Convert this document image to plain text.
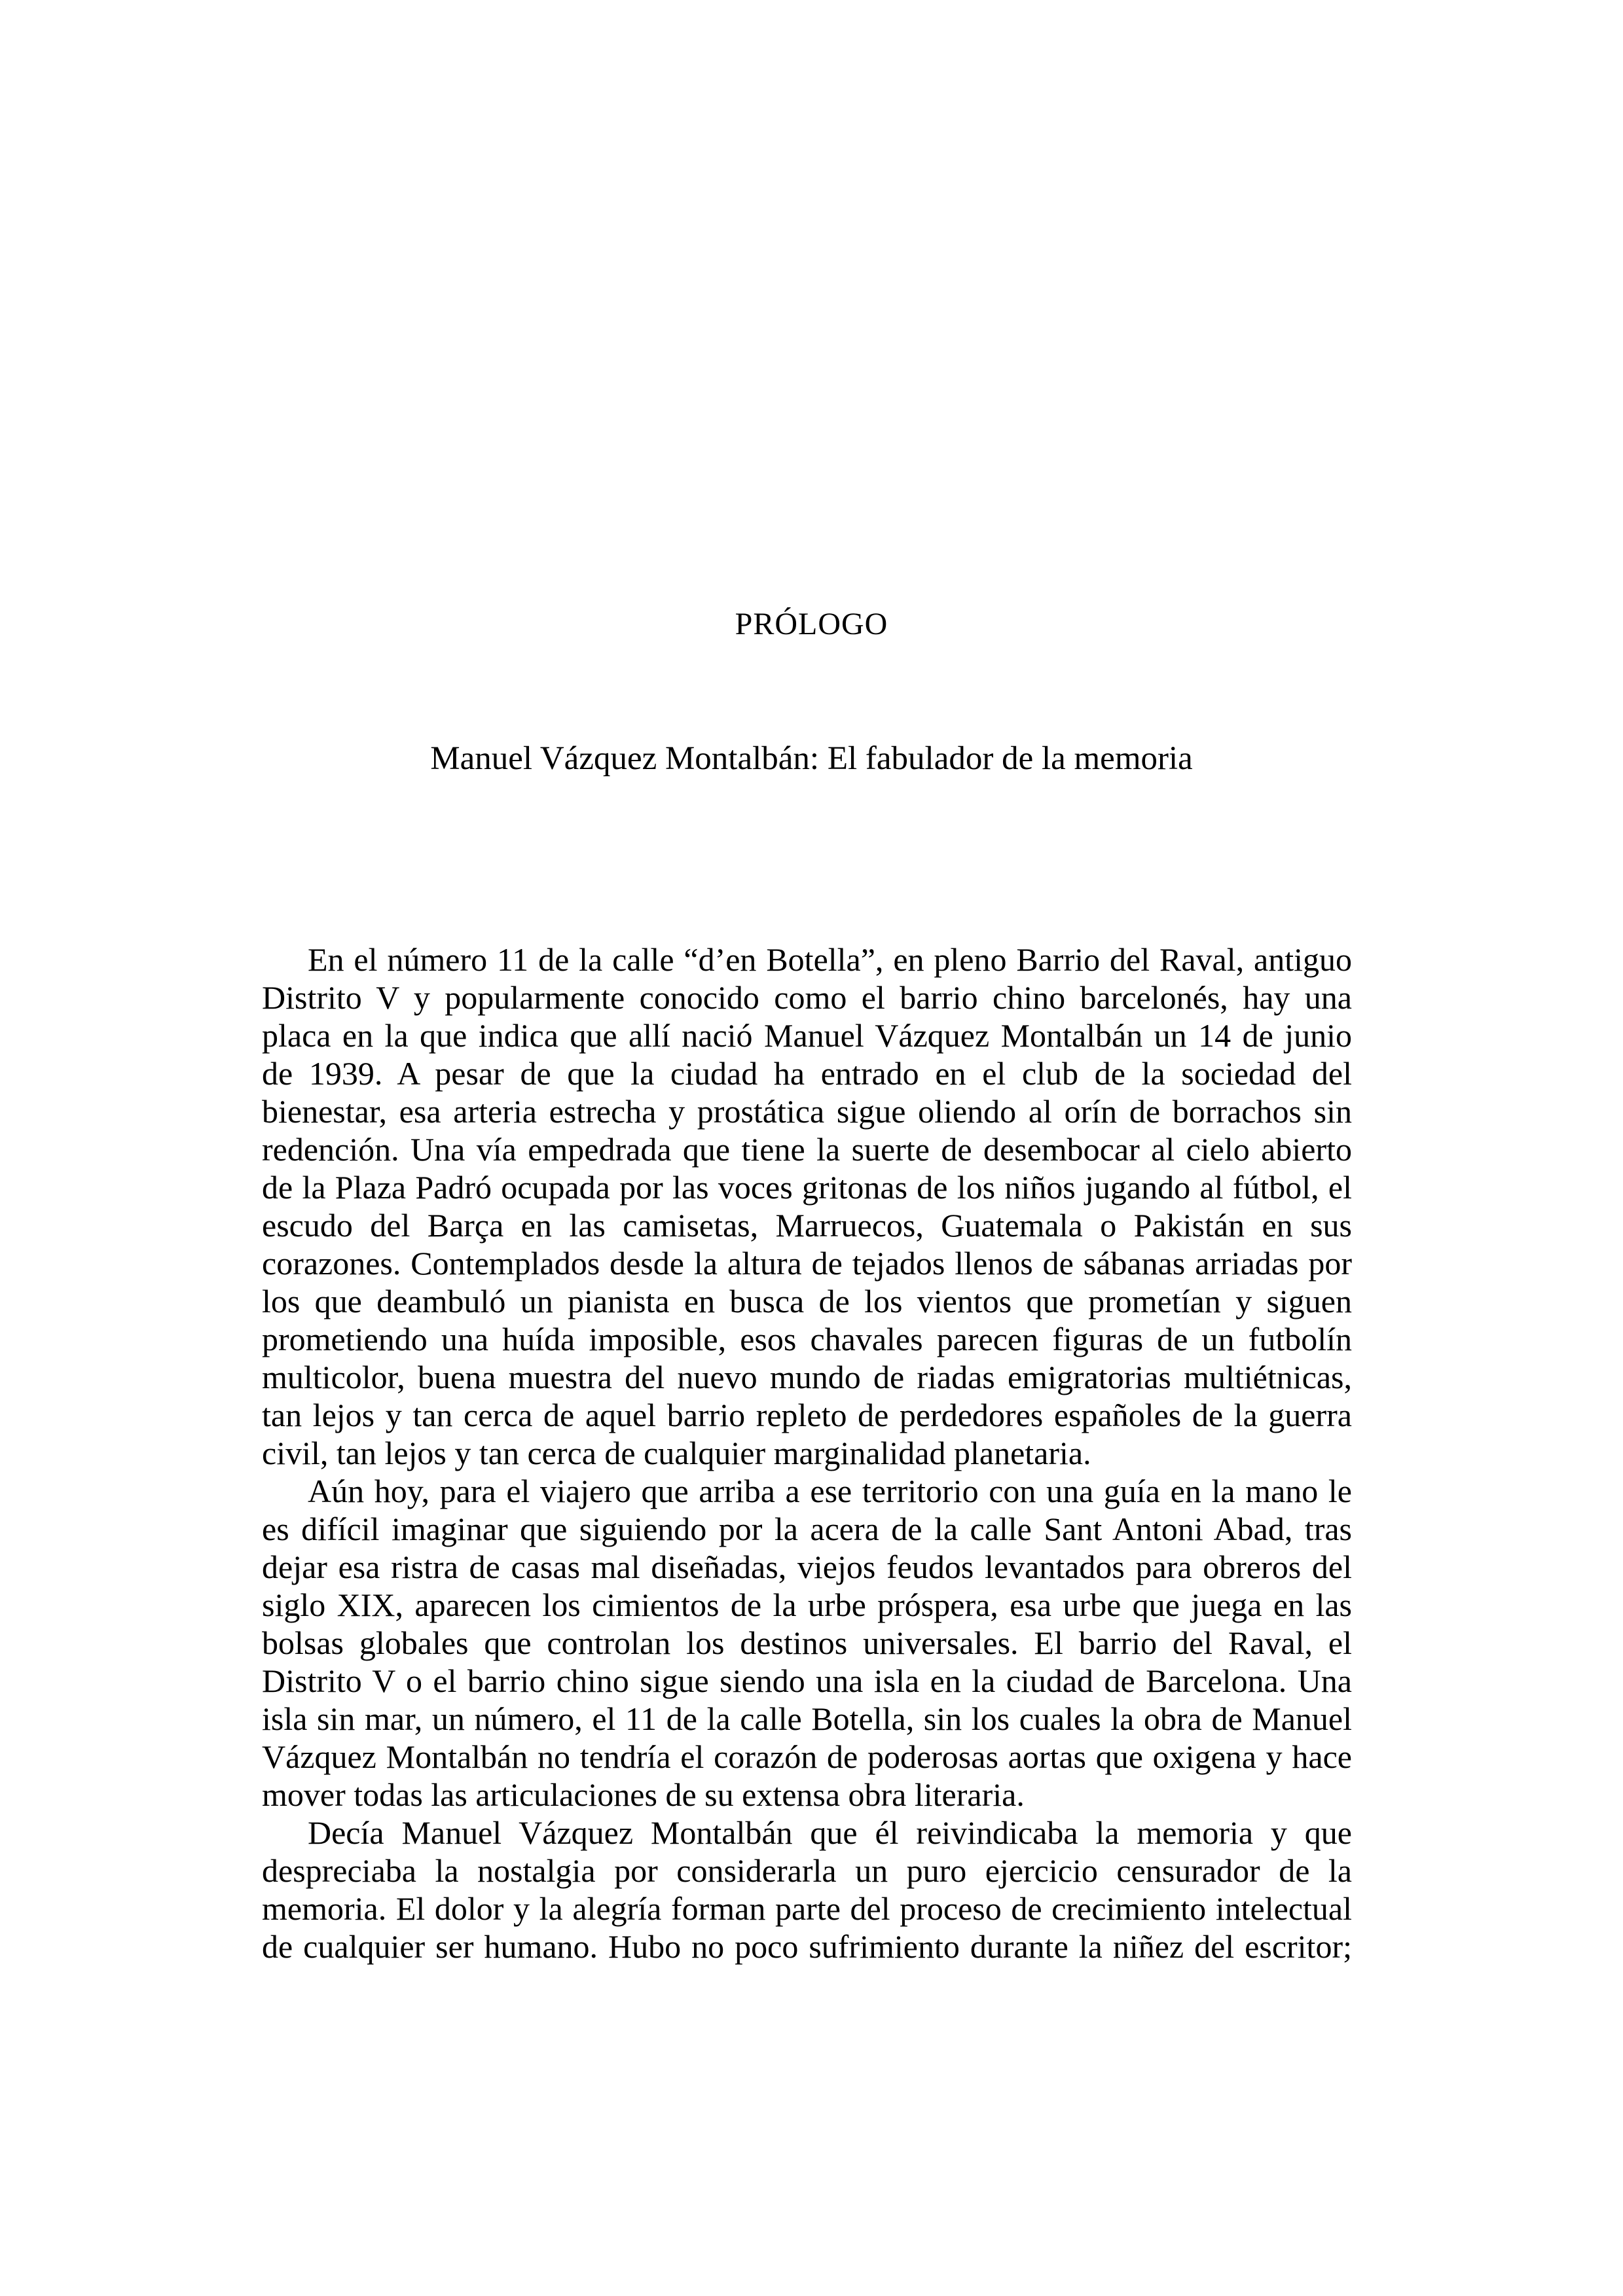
PRÓLOGO
Manuel Vázquez Montalbán: El fabulador de la memoria
En el número 11 de la calle “d’en Botella”, en pleno Barrio del Raval, antiguo
Distrito V y popularmente conocido como el barrio chino barcelonés, hay una
placa en la que indica que allí nació Manuel Vázquez Montalbán un 14 de junio
de 1939. A pesar de que la ciudad ha entrado en el club de la sociedad del
bienestar, esa arteria estrecha y prostática sigue oliendo al orín de borrachos sin
redención. Una vía empedrada que tiene la suerte de desembocar al cielo abierto
de la Plaza Padró ocupada por las voces gritonas de los niños jugando al fútbol, el
escudo del Barça en las camisetas, Marruecos, Guatemala o Pakistán en sus
corazones. Contemplados desde la altura de tejados llenos de sábanas arriadas por
los que deambuló un pianista en busca de los vientos que prometían y siguen
prometiendo una huída imposible, esos chavales parecen figuras de un futbolín
multicolor, buena muestra del nuevo mundo de riadas emigratorias multiétnicas,
tan lejos y tan cerca de aquel barrio repleto de perdedores españoles de la guerra
civil, tan lejos y tan cerca de cualquier marginalidad planetaria.
Aún hoy, para el viajero que arriba a ese territorio con una guía en la mano le
es difícil imaginar que siguiendo por la acera de la calle Sant Antoni Abad, tras
dejar esa ristra de casas mal diseñadas, viejos feudos levantados para obreros del
siglo XIX, aparecen los cimientos de la urbe próspera, esa urbe que juega en las
bolsas globales que controlan los destinos universales. El barrio del Raval, el
Distrito V o el barrio chino sigue siendo una isla en la ciudad de Barcelona. Una
isla sin mar, un número, el 11 de la calle Botella, sin los cuales la obra de Manuel
Vázquez Montalbán no tendría el corazón de poderosas aortas que oxigena y hace
mover todas las articulaciones de su extensa obra literaria.
Decía Manuel Vázquez Montalbán que él reivindicaba la memoria y que
despreciaba la nostalgia por considerarla un puro ejercicio censurador de la
memoria. El dolor y la alegría forman parte del proceso de crecimiento intelectual
de cualquier ser humano. Hubo no poco sufrimiento durante la niñez del escritor;
